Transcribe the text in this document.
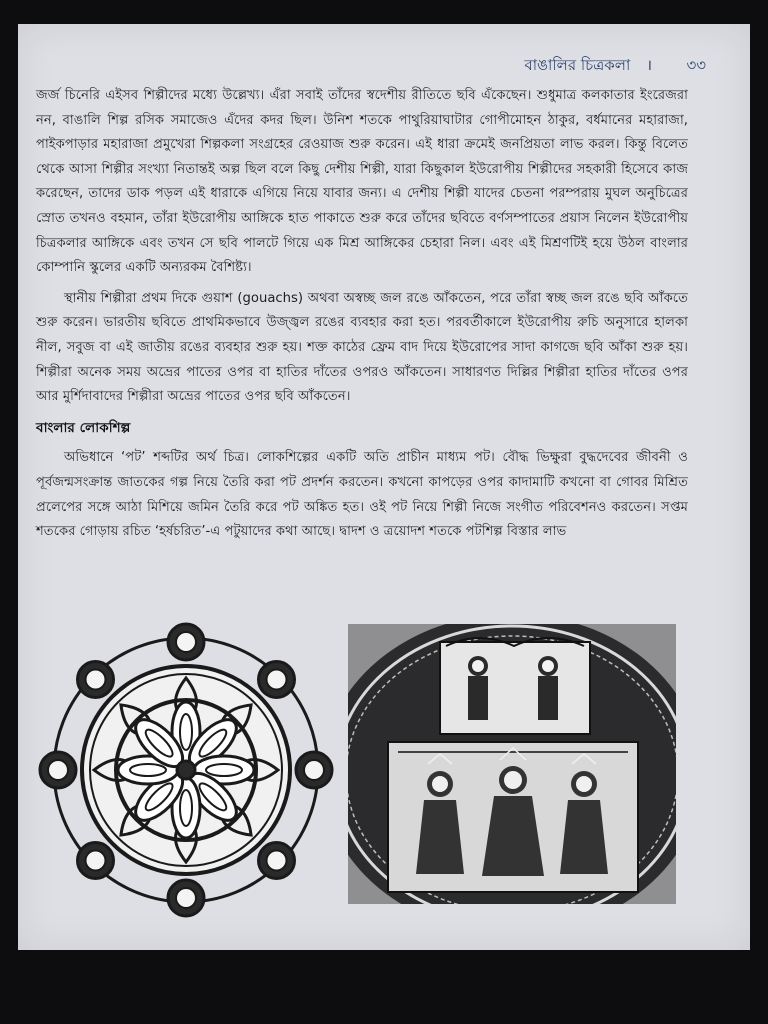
বাঙালির চিত্রকলা ।	৩৩

জর্জ চিনেরি এইসব শিল্পীদের মধ্যে উল্লেখ্য। এঁরা সবাই তাঁদের স্বদেশীয় রীতিতে ছবি এঁকেছেন। শুধুমাত্র কলকাতার ইংরেজরা নন, বাঙালি শিল্প রসিক সমাজেও এঁদের কদর ছিল। উনিশ শতকে পাথুরিয়াঘাটার গোপীমোহন ঠাকুর, বর্ধমানের মহারাজা, পাইকপাড়ার মহারাজা প্রমুখেরা শিল্পকলা সংগ্রহের রেওয়াজ শুরু করেন। এই ধারা ক্রমেই জনপ্রিয়তা লাভ করল। কিন্তু বিলেত থেকে আসা শিল্পীর সংখ্যা নিতান্তই অল্প ছিল বলে কিছু দেশীয় শিল্পী, যারা কিছুকাল ইউরোপীয় শিল্পীদের সহকারী হিসেবে কাজ করেছেন, তাদের ডাক পড়ল এই ধারাকে এগিয়ে নিয়ে যাবার জন্য। এ দেশীয় শিল্পী যাদের চেতনা পরম্পরায় মুঘল অনুচিত্রের স্রোত তখনও বহমান, তাঁরা ইউরোপীয় আঙ্গিকে হাত পাকাতে শুরু করে তাঁদের ছবিতে বর্ণসম্পাতের প্রয়াস নিলেন ইউরোপীয় চিত্রকলার আঙ্গিকে এবং তখন সে ছবি পালটে গিয়ে এক মিশ্র আঙ্গিকের চেহারা নিল। এবং এই মিশ্রণটিই হয়ে উঠল বাংলার কোম্পানি স্কুলের একটি অন্যরকম বৈশিষ্ট্য।

স্থানীয় শিল্পীরা প্রথম দিকে গুয়াশ (gouachs) অথবা অস্বচ্ছ জল রঙে আঁকতেন, পরে তাঁরা স্বচ্ছ জল রঙে ছবি আঁকতে শুরু করেন। ভারতীয় ছবিতে প্রাথমিকভাবে উজ্জ্বল রঙের ব্যবহার করা হত। পরবর্তীকালে ইউরোপীয় রুচি অনুসারে হালকা নীল, সবুজ বা এই জাতীয় রঙের ব্যবহার শুরু হয়। শক্ত কাঠের ফ্রেম বাদ দিয়ে ইউরোপের সাদা কাগজে ছবি আঁকা শুরু হয়। শিল্পীরা অনেক সময় অভ্রের পাতের ওপর বা হাতির দাঁতের ওপরও আঁকতেন। সাধারণত দিল্লির শিল্পীরা হাতির দাঁতের ওপর আর মুর্শিদাবাদের শিল্পীরা অভ্রের পাতের ওপর ছবি আঁকতেন।

বাংলার লোকশিল্প

অভিধানে ‘পট’ শব্দটির অর্থ চিত্র। লোকশিল্পের একটি অতি প্রাচীন মাধ্যম পট। বৌদ্ধ ভিক্ষুরা বুদ্ধদেবের জীবনী ও পূর্বজন্মসংক্রান্ত জাতকের গল্প নিয়ে তৈরি করা পট প্রদর্শন করতেন। কখনো কাপড়ের ওপর কাদামাটি কখনো বা গোবর মিশ্রিত প্রলেপের সঙ্গে আঠা মিশিয়ে জমিন তৈরি করে পট অঙ্কিত হত। ওই পট নিয়ে শিল্পী নিজে সংগীত পরিবেশনও করতেন। সপ্তম শতকের গোড়ায় রচিত ‘হর্ষচরিত’-এ পটুয়াদের কথা আছে। দ্বাদশ ও ত্রয়োদশ শতকে পটশিল্প বিস্তার লাভ
